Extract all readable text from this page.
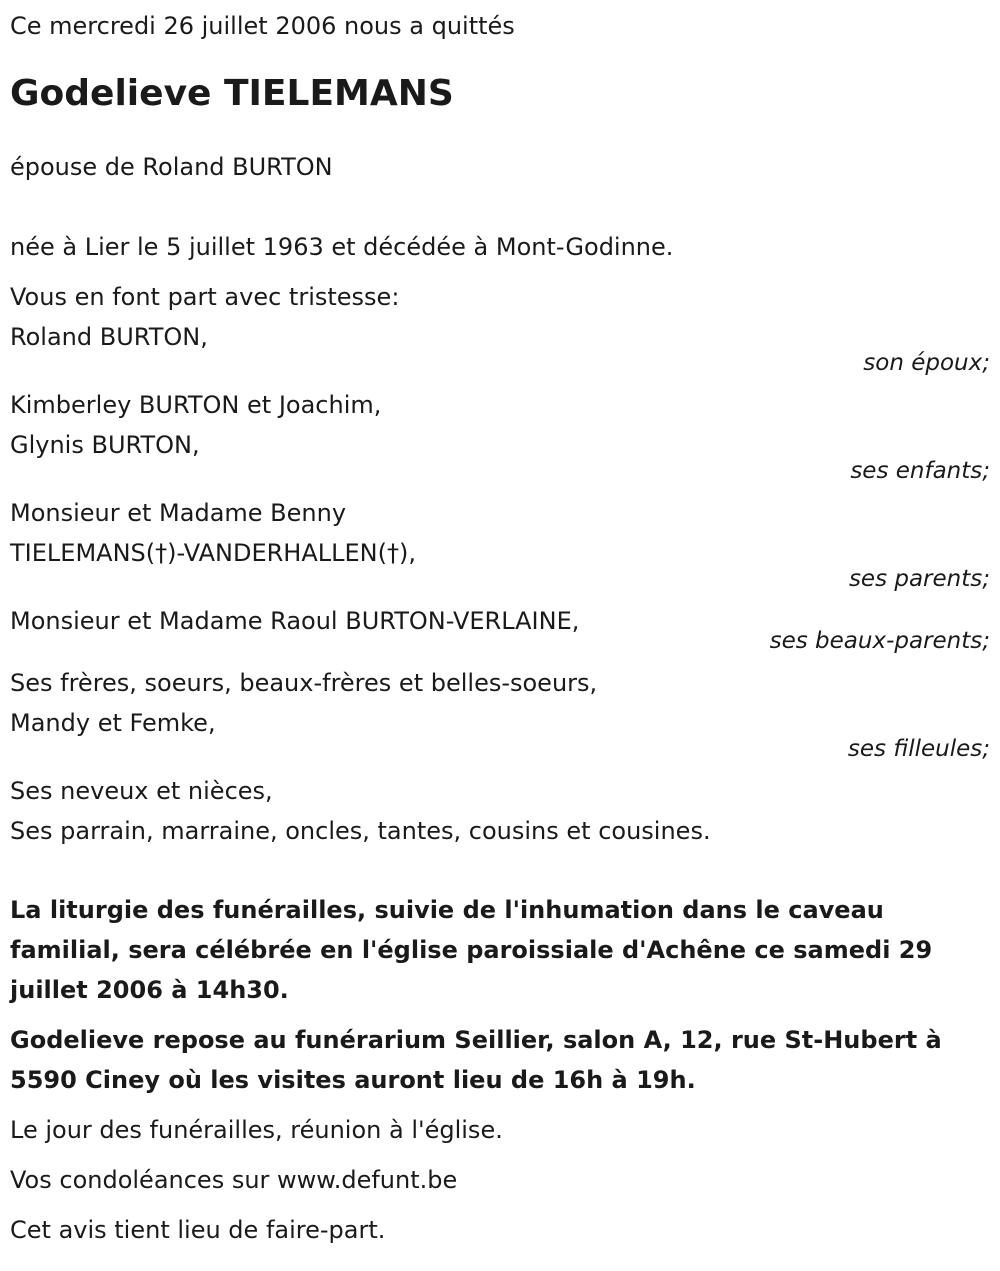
Ce mercredi 26 juillet 2006 nous a quittés
Godelieve TIELEMANS
épouse de Roland BURTON
née à Lier le 5 juillet 1963 et décédée à Mont-Godinne.
Vous en font part avec tristesse:
Roland BURTON,
son époux;
Kimberley BURTON et Joachim,
Glynis BURTON,
ses enfants;
Monsieur et Madame Benny
TIELEMANS(†)-VANDERHALLEN(†),
ses parents;
Monsieur et Madame Raoul BURTON-VERLAINE,
ses beaux-parents;
Ses frères, soeurs, beaux-frères et belles-soeurs,
Mandy et Femke,
ses filleules;
Ses neveux et nièces,
Ses parrain, marraine, oncles, tantes, cousins et cousines.
La liturgie des funérailles, suivie de l'inhumation dans le caveau
familial, sera célébrée en l'église paroissiale d'Achêne ce samedi 29
juillet 2006 à 14h30.
Godelieve repose au funérarium Seillier, salon A, 12, rue St-Hubert à
5590 Ciney où les visites auront lieu de 16h à 19h.
Le jour des funérailles, réunion à l'église.
Vos condoléances sur www.defunt.be
Cet avis tient lieu de faire-part.
